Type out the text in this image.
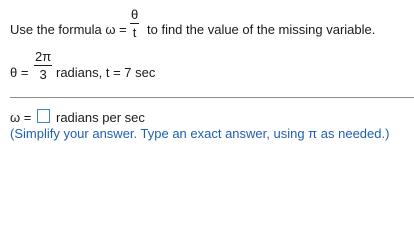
Use the formula ω =
θ
t to find the value of the missing variable.
θ =
2π
3 radians, t = 7 sec
ω = radians per sec
(Simplify your answer. Type an exact answer, using π as needed.)
